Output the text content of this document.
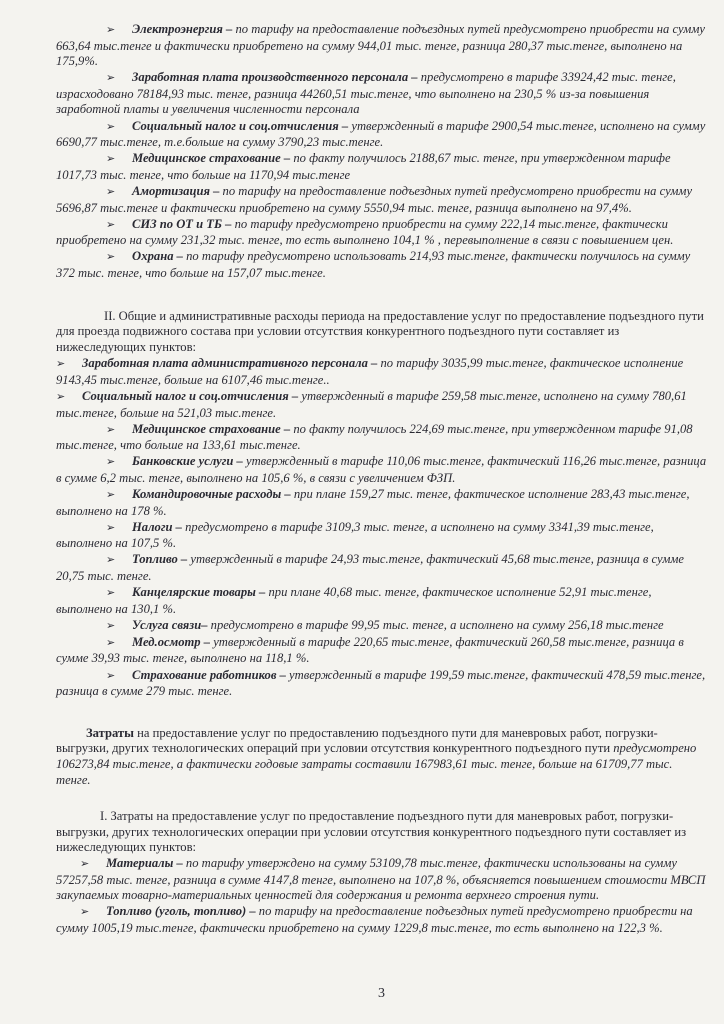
➢ Электроэнергия – по тарифу на предоставление подъездных путей предусмотрено приобрести на сумму 663,64 тыс.тенге и фактически приобретено на сумму 944,01 тыс. тенге, разница 280,37 тыс.тенге, выполнено на 175,9%.

➢ Заработная плата производственного персонала – предусмотрено в тарифе 33924,42 тыс. тенге, израсходовано 78184,93 тыс. тенге, разница 44260,51 тыс.тенге, что выполнено на 230,5 % из-за повышения заработной платы и увеличения численности персонала

➢ Социальный налог и соц.отчисления – утвержденный в тарифе 2900,54 тыс.тенге, исполнено на сумму 6690,77 тыс.тенге, т.е.больше на сумму 3790,23 тыс.тенге.

➢ Медицинское страхование – по факту получилось 2188,67 тыс. тенге, при утвержденном тарифе 1017,73 тыс. тенге, что больше на 1170,94 тыс.тенге

➢ Амортизация – по тарифу на предоставление подъездных путей предусмотрено приобрести на сумму 5696,87 тыс.тенге и фактически приобретено на сумму 5550,94 тыс. тенге, разница выполнено на 97,4%.

➢ СИЗ по ОТ и ТБ – по тарифу предусмотрено приобрести на сумму 222,14 тыс.тенге, фактически приобретено на сумму 231,32 тыс. тенге, то есть выполнено 104,1 % , перевыполнение в связи с повышением цен.

➢ Охрана – по тарифу предусмотрено использовать 214,93 тыс.тенге, фактически получилось на сумму 372 тыс. тенге, что больше на 157,07 тыс.тенге.

II. Общие и административные расходы периода на предоставление услуг по предоставление подъездного пути для проезда подвижного состава при условии отсутствия конкурентного подъездного пути составляет из нижеследующих пунктов:

➢ Заработная плата административного персонала – по тарифу 3035,99 тыс.тенге, фактическое исполнение 9143,45 тыс.тенге, больше на 6107,46 тыс.тенге..

➢ Социальный налог и соц.отчисления – утвержденный в тарифе 259,58 тыс.тенге, исполнено на сумму 780,61 тыс.тенге, больше на 521,03 тыс.тенге.

➢ Медицинское страхование – по факту получилось 224,69 тыс.тенге, при утвержденном тарифе 91,08 тыс.тенге, что больше на 133,61 тыс.тенге.

➢ Банковские услуги – утвержденный в тарифе 110,06 тыс.тенге, фактический 116,26 тыс.тенге, разница в сумме 6,2 тыс. тенге, выполнено на 105,6 %, в связи с увеличением ФЗП.

➢ Командировочные расходы – при плане 159,27 тыс. тенге, фактическое исполнение 283,43 тыс.тенге, выполнено на 178 %.

➢ Налоги – предусмотрено в тарифе 3109,3 тыс. тенге, а исполнено на сумму 3341,39 тыс.тенге, выполнено на 107,5 %.

➢ Топливо – утвержденный в тарифе 24,93 тыс.тенге, фактический 45,68 тыс.тенге, разница в сумме 20,75 тыс. тенге.

➢ Канцелярские товары – при плане 40,68 тыс. тенге, фактическое исполнение 52,91 тыс.тенге, выполнено на 130,1 %.

➢ Услуга связи– предусмотрено в тарифе 99,95 тыс. тенге, а исполнено на сумму 256,18 тыс.тенге

➢ Мед.осмотр – утвержденный в тарифе 220,65 тыс.тенге, фактический 260,58 тыс.тенге, разница в сумме 39,93 тыс. тенге, выполнено на 118,1 %.

➢ Страхование работников – утвержденный в тарифе 199,59 тыс.тенге, фактический 478,59 тыс.тенге, разница в сумме 279 тыс. тенге.

Затраты на предоставление услуг по предоставлению подъездного пути для маневровых работ, погрузки-выгрузки, других технологических операций при условии отсутствия конкурентного подъездного пути предусмотрено 106273,84 тыс.тенге, а фактически годовые затраты составили 167983,61 тыс. тенге, больше на 61709,77 тыс. тенге.

I. Затраты на предоставление услуг по предоставление подъездного пути для маневровых работ, погрузки-выгрузки, других технологических операции при условии отсутствия конкурентного подъездного пути составляет из нижеследующих пунктов:

➢ Материалы – по тарифу утверждено на сумму 53109,78 тыс.тенге, фактически использованы на сумму 57257,58 тыс. тенге, разница в сумме 4147,8 тенге, выполнено на 107,8 %, объясняется повышением стоимости МВСП закупаемых товарно-материальных ценностей для содержания и ремонта верхнего строения пути.

➢ Топливо (уголь, топливо) – по тарифу на предоставление подъездных путей предусмотрено приобрести на сумму 1005,19 тыс.тенге, фактически приобретено на сумму 1229,8 тыс.тенге, то есть выполнено на 122,3 %.

3
